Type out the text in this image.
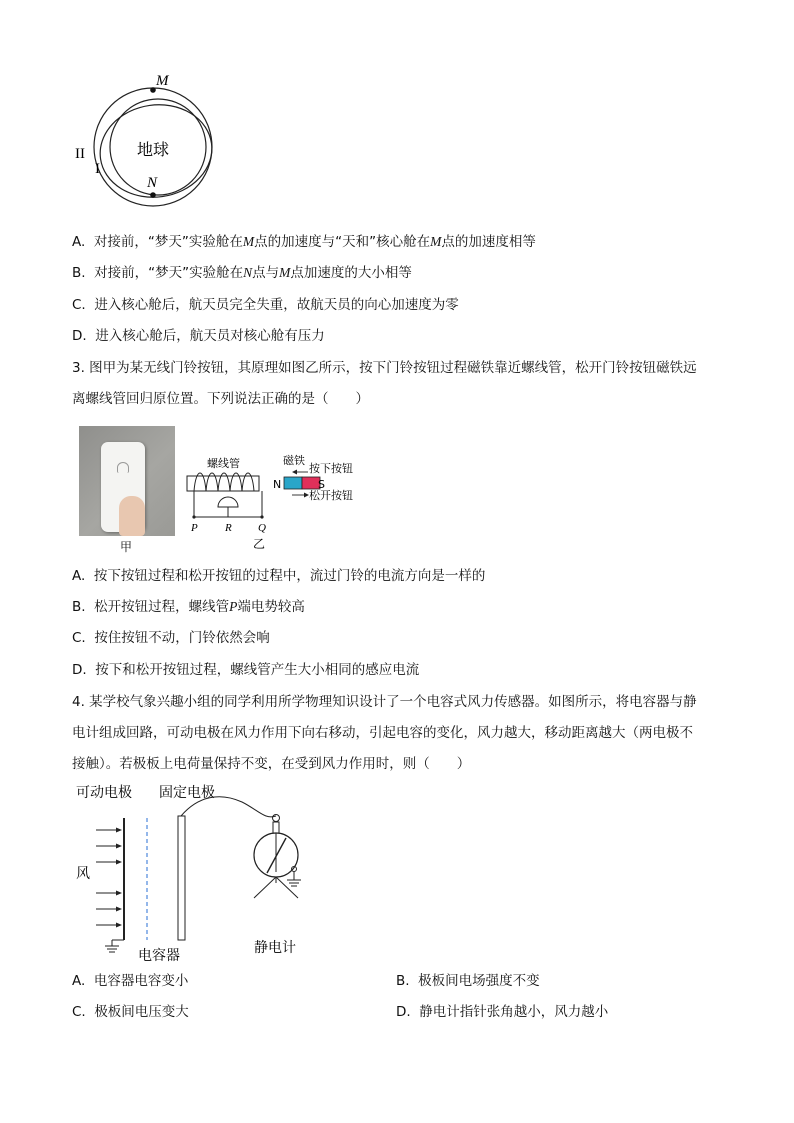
M
N
II
I
地球
A. 对接前，“梦天”实验舱在M点的加速度与“天和”核心舱在M点的加速度相等
B. 对接前，“梦天”实验舱在N点与M点加速度的大小相等
C. 进入核心舱后，航天员完全失重，故航天员的向心加速度为零
D. 进入核心舱后，航天员对核心舱有压力
3. 图甲为某无线门铃按钮，其原理如图乙所示，按下门铃按钮过程磁铁靠近螺线管，松开门铃按钮磁铁远
离螺线管回归原位置。下列说法正确的是（　　）
甲
螺线管
P R Q
N	S
磁铁
按下按钮
松开按钮
乙
A. 按下按钮过程和松开按钮的过程中，流过门铃的电流方向是一样的
B. 松开按钮过程，螺线管P端电势较高
C. 按住按钮不动，门铃依然会响
D. 按下和松开按钮过程，螺线管产生大小相同的感应电流
4. 某学校气象兴趣小组的同学利用所学物理知识设计了一个电容式风力传感器。如图所示，将电容器与静
电计组成回路，可动电极在风力作用下向右移动，引起电容的变化，风力越大，移动距离越大（两电极不
接触）。若极板上电荷量保持不变，在受到风力作用时，则（　　）
可动电极 固定电极
风
电容器	静电计
A. 电容器电容变小	B. 极板间电场强度不变
C. 极板间电压变大	D. 静电计指针张角越小，风力越小
